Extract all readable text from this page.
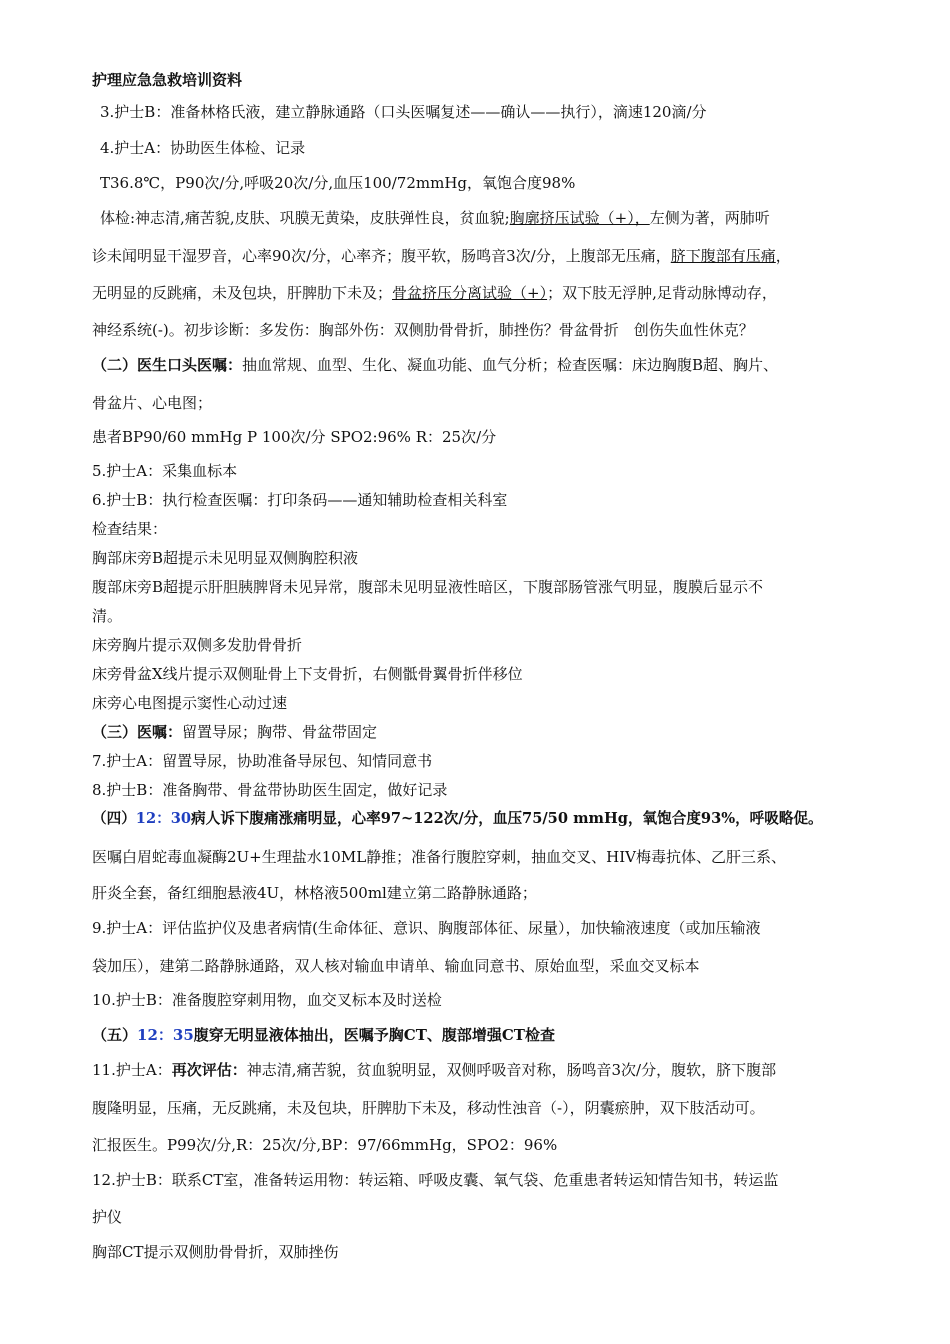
护理应急急救培训资料
3.护士B：准备林格氏液，建立静脉通路（口头医嘱复述——确认——执行），滴速120滴/分
4.护士A：协助医生体检、记录
T36.8℃，P90次/分,呼吸20次/分,血压100/72mmHg，氧饱合度98%
体检:神志清,痛苦貌,皮肤、巩膜无黄染，皮肤弹性良，贫血貌;胸廓挤压试验（+），左侧为著，两肺听
诊未闻明显干湿罗音，心率90次/分，心率齐；腹平软，肠鸣音3次/分，上腹部无压痛，脐下腹部有压痛，
无明显的反跳痛，未及包块，肝脾肋下未及；骨盆挤压分离试验（+）；双下肢无浮肿,足背动脉博动存，
神经系统(-)。初步诊断：多发伤：胸部外伤：双侧肋骨骨折，肺挫伤？骨盆骨折　创伤失血性休克？
（二）医生口头医嘱：抽血常规、血型、生化、凝血功能、血气分析；检查医嘱：床边胸腹B超、胸片、
骨盆片、心电图；
患者BP90/60 mmHg P 100次/分 SPO2:96% R：25次/分
5.护士A：采集血标本
6.护士B：执行检查医嘱：打印条码——通知辅助检查相关科室
检查结果：
胸部床旁B超提示未见明显双侧胸腔积液
腹部床旁B超提示肝胆胰脾肾未见异常，腹部未见明显液性暗区，下腹部肠管涨气明显，腹膜后显示不
清。
床旁胸片提示双侧多发肋骨骨折
床旁骨盆X线片提示双侧耻骨上下支骨折，右侧骶骨翼骨折伴移位
床旁心电图提示窦性心动过速
（三）医嘱：留置导尿；胸带、骨盆带固定
7.护士A：留置导尿，协助准备导尿包、知情同意书
8.护士B：准备胸带、骨盆带协助医生固定，做好记录
（四）12：30病人诉下腹痛涨痛明显，心率97~122次/分，血压75/50 mmHg，氧饱合度93%，呼吸略促。
医嘱白眉蛇毒血凝酶2U+生理盐水10ML静推；准备行腹腔穿刺，抽血交叉、HIV梅毒抗体、乙肝三系、
肝炎全套，备红细胞悬液4U，林格液500ml建立第二路静脉通路；
9.护士A：评估监护仪及患者病情(生命体征、意识、胸腹部体征、尿量），加快输液速度（或加压输液
袋加压），建第二路静脉通路，双人核对输血申请单、输血同意书、原始血型，采血交叉标本
10.护士B：准备腹腔穿刺用物，血交叉标本及时送检
（五）12：35腹穿无明显液体抽出，医嘱予胸CT、腹部增强CT检查
11.护士A：再次评估：神志清,痛苦貌，贫血貌明显，双侧呼吸音对称，肠鸣音3次/分，腹软，脐下腹部
腹隆明显，压痛，无反跳痛，未及包块，肝脾肋下未及，移动性浊音（-），阴囊瘀肿，双下肢活动可。
汇报医生。P99次/分,R：25次/分,BP：97/66mmHg，SPO2：96%
12.护士B：联系CT室，准备转运用物：转运箱、呼吸皮囊、氧气袋、危重患者转运知情告知书，转运监
护仪
胸部CT提示双侧肋骨骨折，双肺挫伤
